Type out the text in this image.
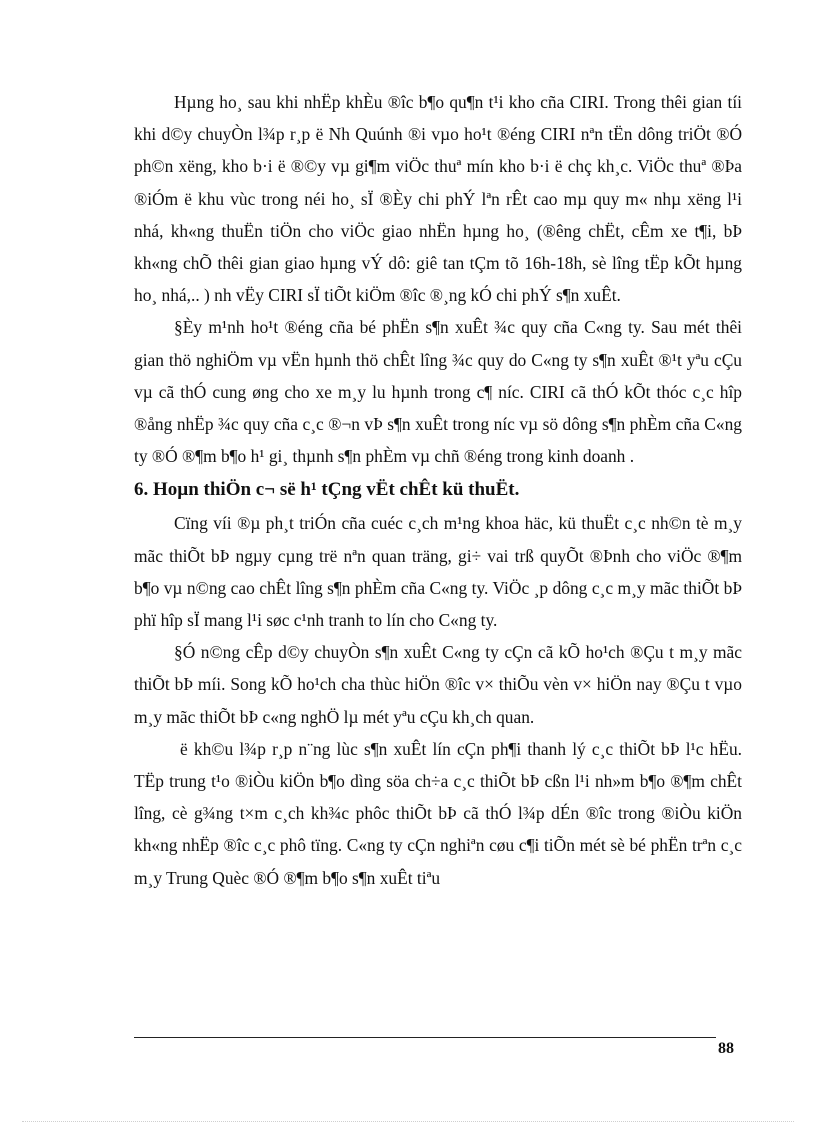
Hµng ho¸ sau khi nhËp khÈu ®îc b¶o qu¶n t¹i kho cña CIRI. Trong thêi gian tíi khi d©y chuyÒn l¾p r¸p ë Nh Quúnh ®i vµo ho¹t ®éng CIRI nªn tËn dông triÖt ®Ó ph©n xëng, kho b·i ë ®©y vµ gi¶m viÖc thuª mín kho b·i ë chç kh¸c. ViÖc thuª ®Þa ®iÓm ë khu vùc trong néi ho¸ sÏ ®Èy chi phÝ lªn rÊt cao mµ quy m« nhµ xëng l¹i nhá, kh«ng thuËn tiÖn cho viÖc giao nhËn hµng ho¸ (®êng chËt, cÊm xe t¶i, bÞ kh«ng chÕ thêi gian giao hµng vÝ dô: giê tan tÇm tõ 16h-18h, sè lîng tËp kÕt hµng ho¸ nhá,.. ) nh vËy CIRI sÏ tiÕt kiÖm ®îc ®¸ng kÓ chi phÝ s¶n xuÊt.

§Èy m¹nh ho¹t ®éng cña bé phËn s¶n xuÊt ¾c quy cña C«ng ty. Sau mét thêi gian thö nghiÖm vµ vËn hµnh thö chÊt lîng ¾c quy do C«ng ty s¶n xuÊt ®¹t yªu cÇu vµ cã thÓ cung øng cho xe m¸y lu hµnh trong c¶ níc. CIRI cã thÓ kÕt thóc c¸c hîp ®ång nhËp ¾c quy cña c¸c ®¬n vÞ s¶n xuÊt trong níc vµ sö dông s¶n phÈm cña C«ng ty ®Ó ®¶m b¶o h¹ gi¸ thµnh s¶n phÈm vµ chñ ®éng trong kinh doanh .

6. Hoµn thiÖn c¬ së h¹ tÇng vËt chÊt kü thuËt.

Cïng víi ®µ ph¸t triÓn cña cuéc c¸ch m¹ng khoa häc, kü thuËt c¸c nh©n tè m¸y mãc thiÕt bÞ ngµy cµng trë nªn quan träng, gi÷ vai trß quyÕt ®Þnh cho viÖc ®¶m b¶o vµ n©ng cao chÊt lîng s¶n phÈm cña C«ng ty. ViÖc ¸p dông c¸c m¸y mãc thiÕt bÞ phï hîp sÏ mang l¹i søc c¹nh tranh to lín cho C«ng ty.

§Ó n©ng cÊp d©y chuyÒn s¶n xuÊt C«ng ty cÇn cã kÕ ho¹ch ®Çu t m¸y mãc thiÕt bÞ míi. Song kÕ ho¹ch cha thùc hiÖn ®îc v× thiÕu vèn v× hiÖn nay ®Çu t vµo m¸y mãc thiÕt bÞ c«ng nghÖ lµ mét yªu cÇu kh¸ch quan.

ë kh©u l¾p r¸p n¨ng lùc s¶n xuÊt lín cÇn ph¶i thanh lý c¸c thiÕt bÞ l¹c hËu. TËp trung t¹o ®iÒu kiÖn b¶o dìng söa ch÷a c¸c thiÕt bÞ cßn l¹i nh»m b¶o ®¶m chÊt lîng, cè g¾ng t×m c¸ch kh¾c phôc thiÕt bÞ cã thÓ l¾p dÉn ®îc trong ®iÒu kiÖn kh«ng nhËp ®îc c¸c phô tïng. C«ng ty cÇn nghiªn cøu c¶i tiÕn mét sè bé phËn trªn c¸c m¸y Trung Quèc ®Ó ®¶m b¶o s¶n xuÊt tiªu

88
